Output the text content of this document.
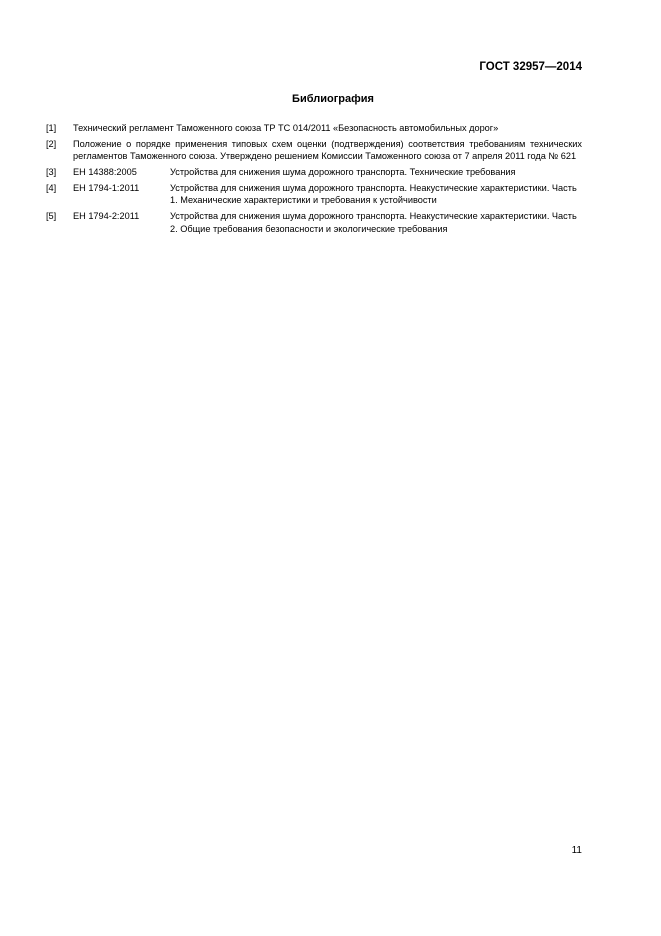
ГОСТ 32957—2014
Библиография
[1]	Технический регламент Таможенного союза ТР ТС 014/2011 «Безопасность автомобильных дорог»
[2]	Положение о порядке применения типовых схем оценки (подтверждения) соответствия требованиям технических регламентов Таможенного союза. Утверждено решением Комиссии Таможенного союза от 7 апреля 2011 года № 621
[3]	ЕН 14388:2005	Устройства для снижения шума дорожного транспорта. Технические требования
[4]	ЕН 1794-1:2011	Устройства для снижения шума дорожного транспорта. Неакустические характеристики. Часть 1. Механические характеристики и требования к устойчивости
[5]	ЕН 1794-2:2011	Устройства для снижения шума дорожного транспорта. Неакустические характеристики. Часть 2. Общие требования безопасности и экологические требования
11
